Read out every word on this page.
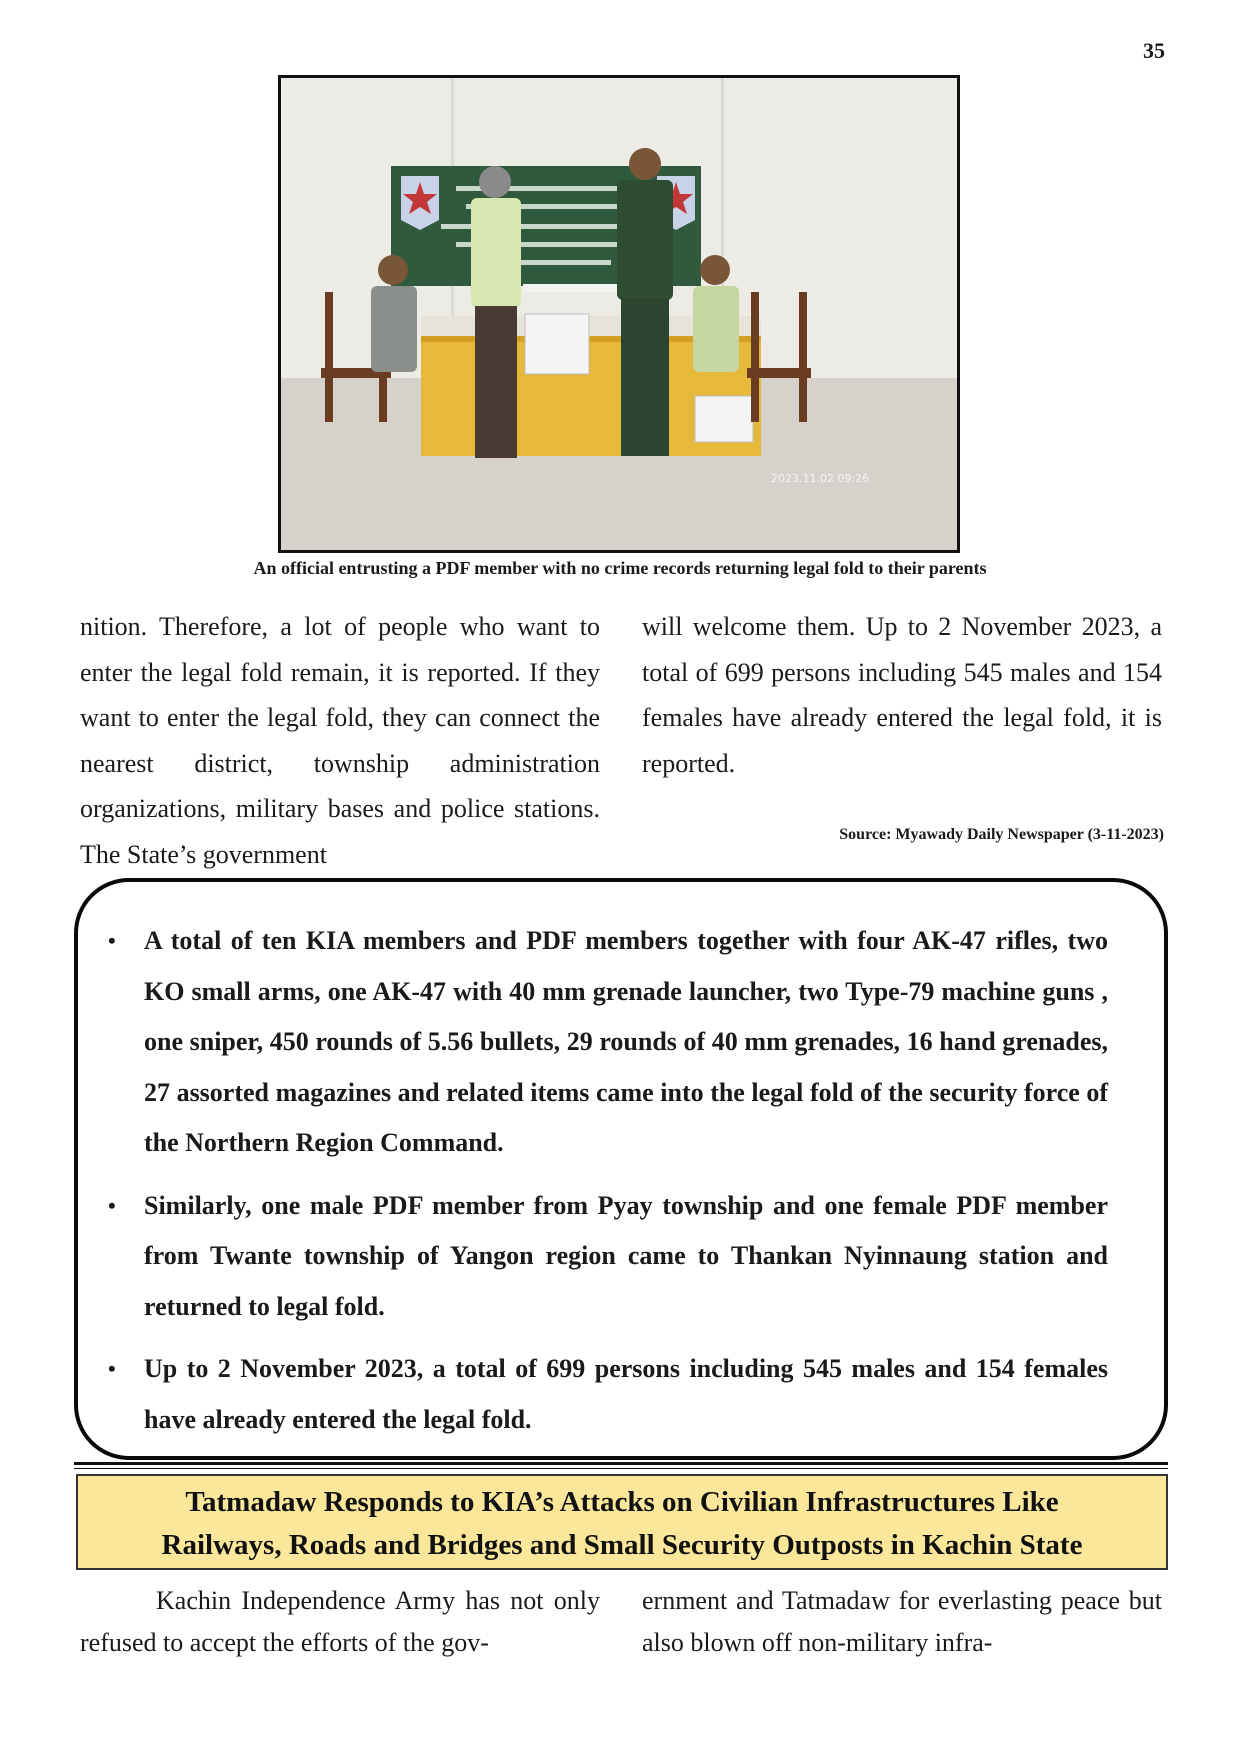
35
2023.11.02 09:26
An official entrusting a PDF member with no crime records returning legal fold to their parents
nition. Therefore, a lot of people who want to enter the legal fold remain, it is reported. If they want to enter the legal fold, they can connect the nearest district, township administration organizations, military bases and police stations. The State’s government
will welcome them. Up to 2 November 2023, a total of 699 persons including 545 males and 154 females have already entered the legal fold, it is reported.
Source: Myawady Daily Newspaper (3-11-2023)
• A total of ten KIA members and PDF members together with four AK-47 rifles, two KO small arms, one AK-47 with 40 mm grenade launcher, two Type-79 machine guns , one sniper, 450 rounds of 5.56 bullets, 29 rounds of 40 mm grenades, 16 hand grenades, 27 assorted magazines and related items came into the legal fold of the security force of the Northern Region Command.
• Similarly, one male PDF member from Pyay township and one female PDF member from Twante township of Yangon region came to Thankan Nyinnaung station and returned to legal fold.
• Up to 2 November 2023, a total of 699 persons including 545 males and 154 females have already entered the legal fold.
Tatmadaw Responds to KIA’s Attacks on Civilian Infrastructures Like
Railways, Roads and Bridges and Small Security Outposts in Kachin State
Kachin Independence Army has not only refused to accept the efforts of the gov-
ernment and Tatmadaw for everlasting peace but also blown off non-military infra-
